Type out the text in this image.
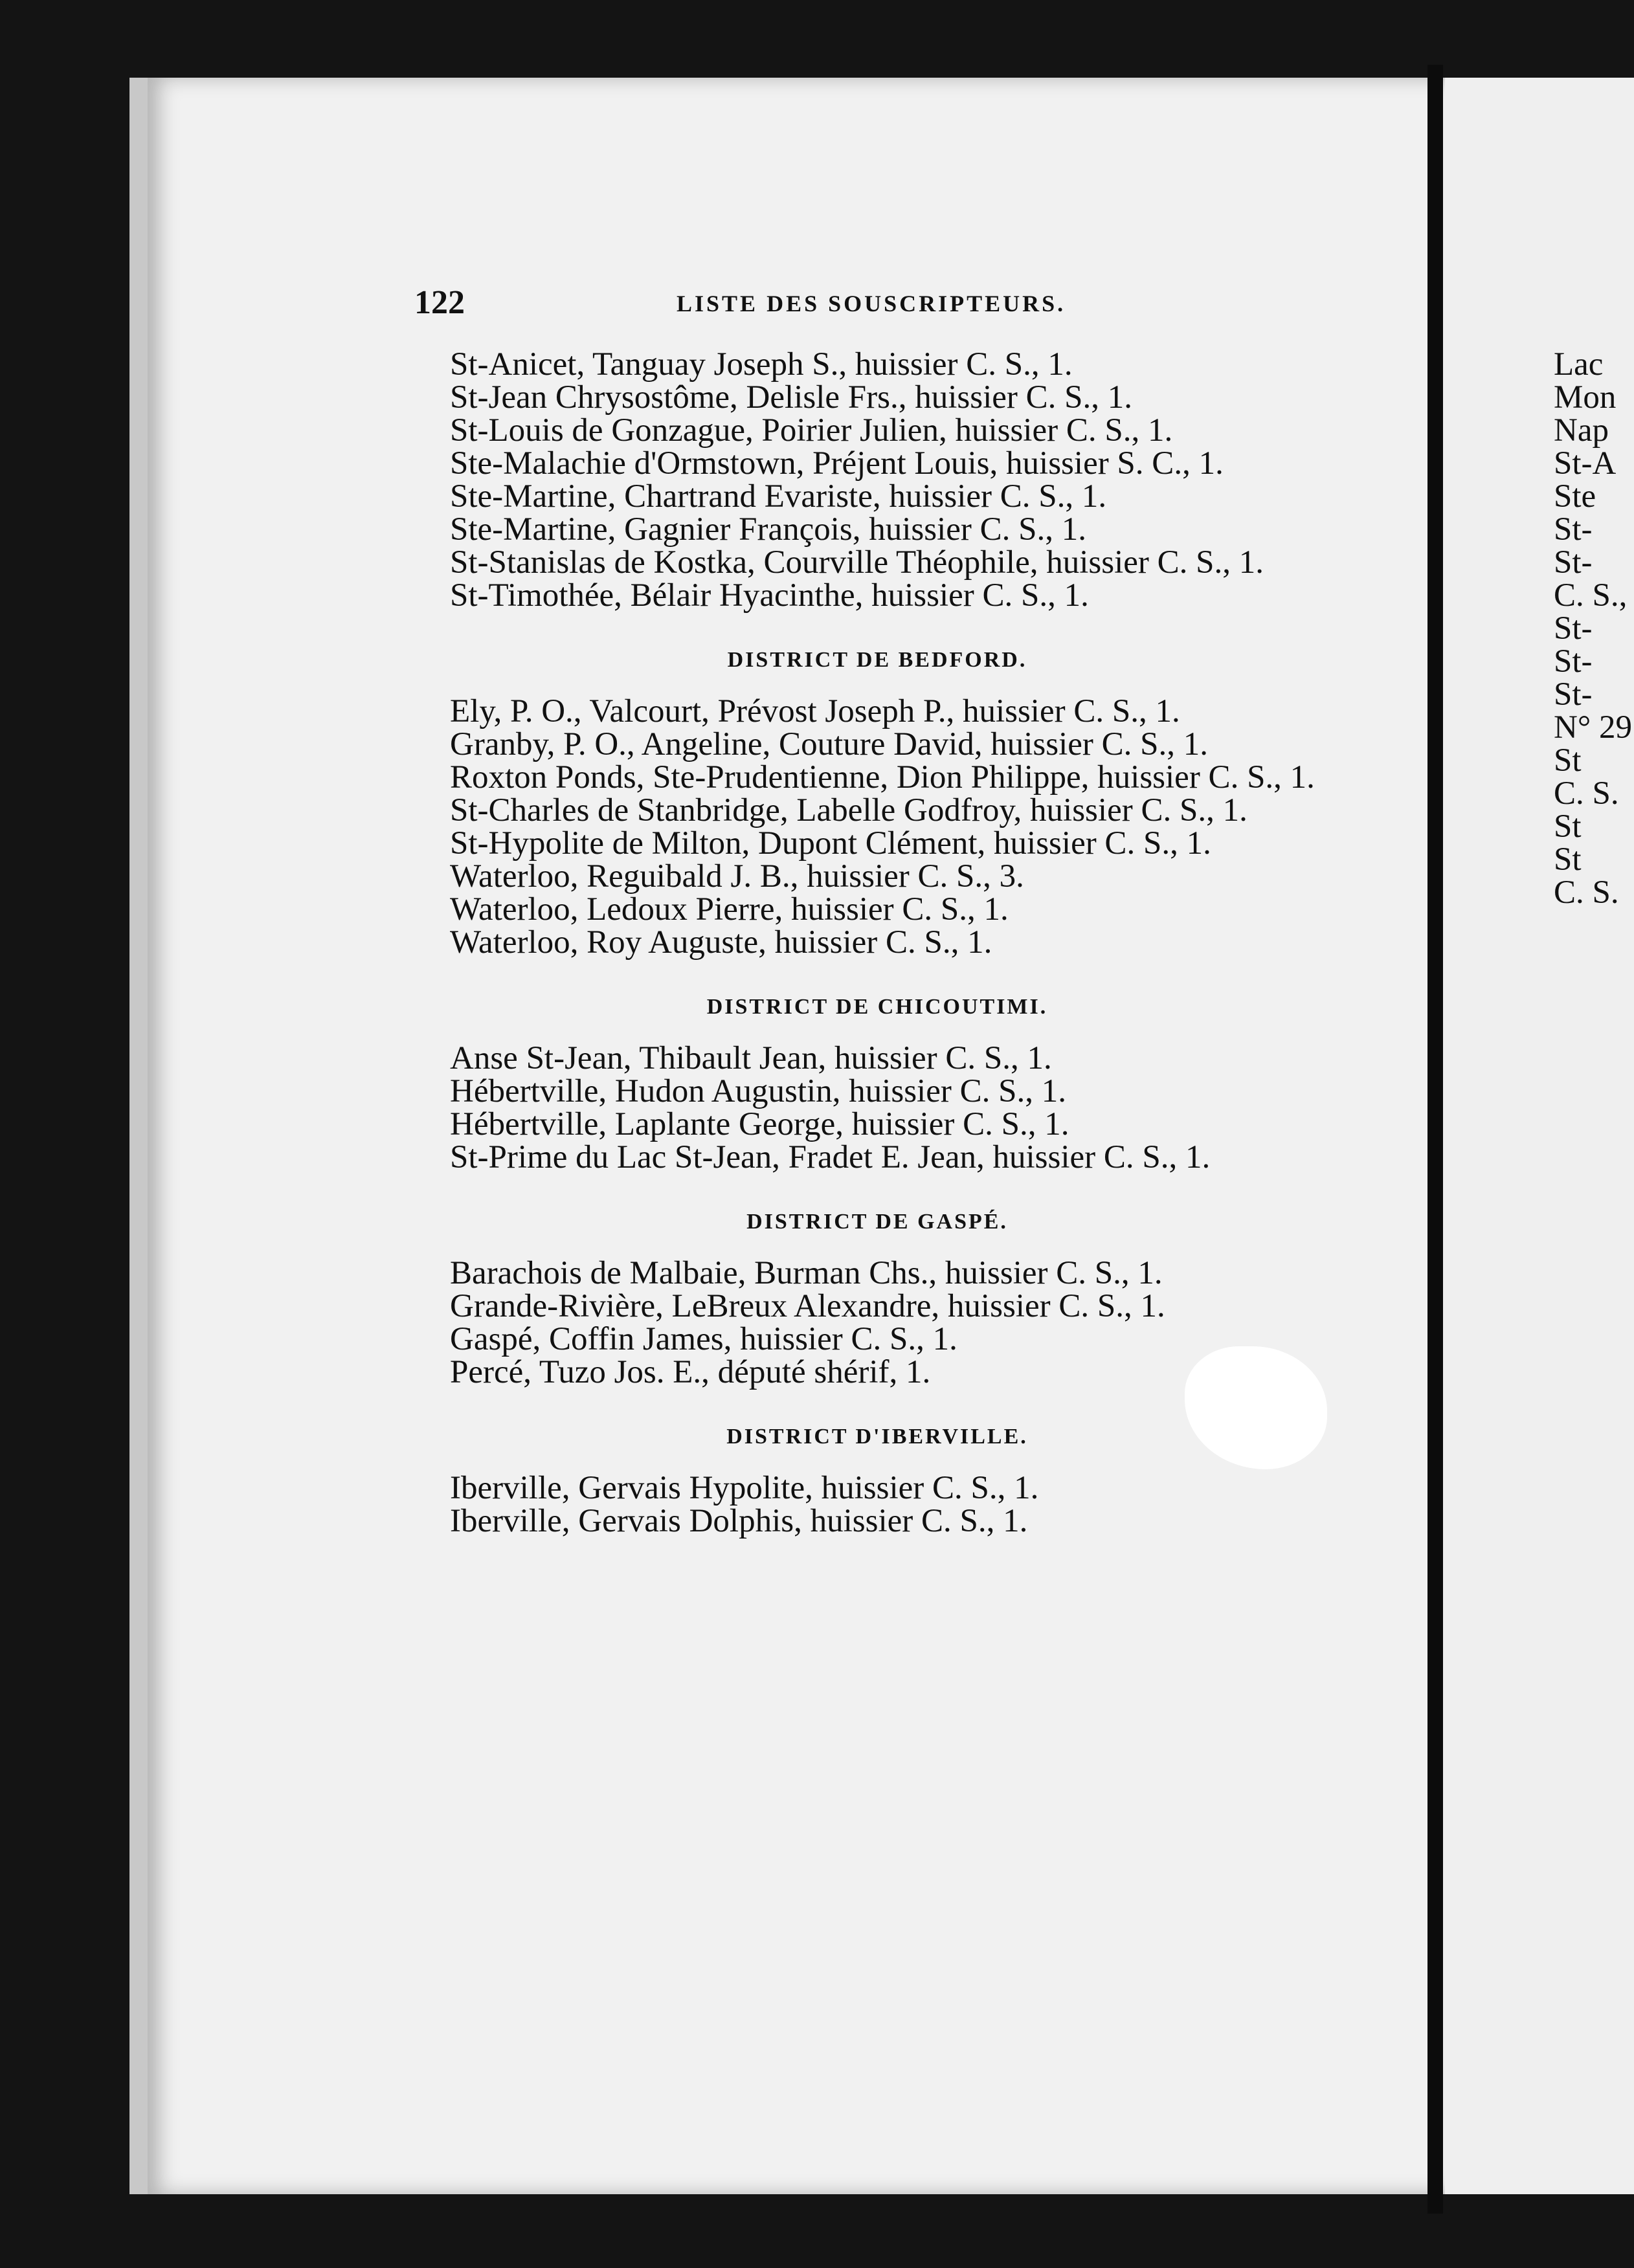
122	LISTE DES SOUSCRIPTEURS.

St-Anicet, Tanguay Joseph S., huissier C. S., 1.

St-Jean Chrysostôme, Delisle Frs., huissier C. S., 1.

St-Louis de Gonzague, Poirier Julien, huissier C. S., 1.

Ste-Malachie d'Ormstown, Préjent Louis, huissier S. C., 1.

Ste-Martine, Chartrand Evariste, huissier C. S., 1.

Ste-Martine, Gagnier François, huissier C. S., 1.

St-Stanislas de Kostka, Courville Théophile, huissier C. S., 1.

St-Timothée, Bélair Hyacinthe, huissier C. S., 1.

DISTRICT DE BEDFORD.

Ely, P. O., Valcourt, Prévost Joseph P., huissier C. S., 1.

Granby, P. O., Angeline, Couture David, huissier C. S., 1.

Roxton Ponds, Ste-Prudentienne, Dion Philippe, huissier C. S., 1.

St-Charles de Stanbridge, Labelle Godfroy, huissier C. S., 1.

St-Hypolite de Milton, Dupont Clément, huissier C. S., 1.

Waterloo, Reguibald J. B., huissier C. S., 3.

Waterloo, Ledoux Pierre, huissier C. S., 1.

Waterloo, Roy Auguste, huissier C. S., 1.

DISTRICT DE CHICOUTIMI.

Anse St-Jean, Thibault Jean, huissier C. S., 1.

Hébertville, Hudon Augustin, huissier C. S., 1.

Hébertville, Laplante George, huissier C. S., 1.

St-Prime du Lac St-Jean, Fradet E. Jean, huissier C. S., 1.

DISTRICT DE GASPÉ.

Barachois de Malbaie, Burman Chs., huissier C. S., 1.

Grande-Rivière, LeBreux Alexandre, huissier C. S., 1.

Gaspé, Coffin James, huissier C. S., 1.

Percé, Tuzo Jos. E., député shérif, 1.

DISTRICT D'IBERVILLE.

Iberville, Gervais Hypolite, huissier C. S., 1.

Iberville, Gervais Dolphis, huissier C. S., 1.

Lac
Mon
Nap
St-A
Ste
St-
St-
C. S.,
St-
St-
St-
N° 29
St
C. S.
St
St
C. S.
